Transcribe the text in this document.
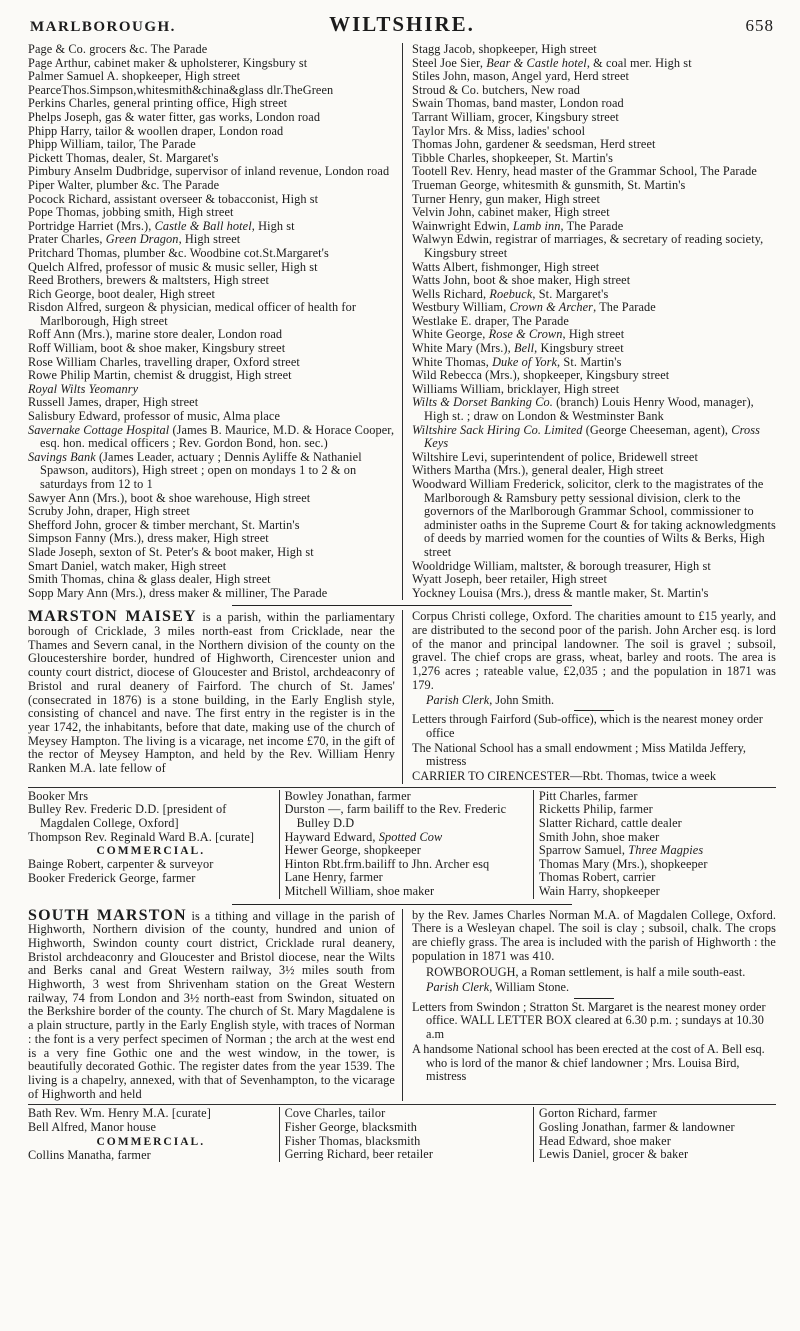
MARLBOROUGH.	WILTSHIRE.	658

Page & Co. grocers &c. The Parade

Page Arthur, cabinet maker & upholsterer, Kingsbury st

Palmer Samuel A. shopkeeper, High street

PearceThos.Simpson,whitesmith&china&glass dlr.TheGreen

Perkins Charles, general printing office, High street

Phelps Joseph, gas & water fitter, gas works, London road

Phipp Harry, tailor & woollen draper, London road

Phipp William, tailor, The Parade

Pickett Thomas, dealer, St. Margaret's

Pimbury Anselm Dudbridge, supervisor of inland revenue, London road

Piper Walter, plumber &c. The Parade

Pocock Richard, assistant overseer & tobacconist, High st

Pope Thomas, jobbing smith, High street

Portridge Harriet (Mrs.), Castle & Ball hotel, High st

Prater Charles, Green Dragon, High street

Pritchard Thomas, plumber &c. Woodbine cot.St.Margaret's

Quelch Alfred, professor of music & music seller, High st

Reed Brothers, brewers & maltsters, High street

Rich George, boot dealer, High street

Risdon Alfred, surgeon & physician, medical officer of health for Marlborough, High street

Roff Ann (Mrs.), marine store dealer, London road

Roff William, boot & shoe maker, Kingsbury street

Rose William Charles, travelling draper, Oxford street

Rowe Philip Martin, chemist & druggist, High street

Royal Wilts Yeomanry

Russell James, draper, High street

Salisbury Edward, professor of music, Alma place

Savernake Cottage Hospital (James B. Maurice, M.D. & Horace Cooper, esq. hon. medical officers ; Rev. Gordon Bond, hon. sec.)

Savings Bank (James Leader, actuary ; Dennis Ayliffe & Nathaniel Spawson, auditors), High street ; open on mondays 1 to 2 & on saturdays from 12 to 1

Sawyer Ann (Mrs.), boot & shoe warehouse, High street

Scruby John, draper, High street

Shefford John, grocer & timber merchant, St. Martin's

Simpson Fanny (Mrs.), dress maker, High street

Slade Joseph, sexton of St. Peter's & boot maker, High st

Smart Daniel, watch maker, High street

Smith Thomas, china & glass dealer, High street

Sopp Mary Ann (Mrs.), dress maker & milliner, The Parade

Stagg Jacob, shopkeeper, High street

Steel Joe Sier, Bear & Castle hotel, & coal mer. High st

Stiles John, mason, Angel yard, Herd street

Stroud & Co. butchers, New road

Swain Thomas, band master, London road

Tarrant William, grocer, Kingsbury street

Taylor Mrs. & Miss, ladies' school

Thomas John, gardener & seedsman, Herd street

Tibble Charles, shopkeeper, St. Martin's

Tootell Rev. Henry, head master of the Grammar School, The Parade

Trueman George, whitesmith & gunsmith, St. Martin's

Turner Henry, gun maker, High street

Velvin John, cabinet maker, High street

Wainwright Edwin, Lamb inn, The Parade

Walwyn Edwin, registrar of marriages, & secretary of reading society, Kingsbury street

Watts Albert, fishmonger, High street

Watts John, boot & shoe maker, High street

Wells Richard, Roebuck, St. Margaret's

Westbury William, Crown & Archer, The Parade

Westlake E. draper, The Parade

White George, Rose & Crown, High street

White Mary (Mrs.), Bell, Kingsbury street

White Thomas, Duke of York, St. Martin's

Wild Rebecca (Mrs.), shopkeeper, Kingsbury street

Williams William, bricklayer, High street

Wilts & Dorset Banking Co. (branch) Louis Henry Wood, manager), High st. ; draw on London & Westminster Bank

Wiltshire Sack Hiring Co. Limited (George Cheeseman, agent), Cross Keys

Wiltshire Levi, superintendent of police, Bridewell street

Withers Martha (Mrs.), general dealer, High street

Woodward William Frederick, solicitor, clerk to the magistrates of the Marlborough & Ramsbury petty sessional division, clerk to the governors of the Marlborough Grammar School, commissioner to administer oaths in the Supreme Court & for taking acknowledgments of deeds by married women for the counties of Wilts & Berks, High street

Wooldridge William, maltster, & borough treasurer, High st

Wyatt Joseph, beer retailer, High street

Yockney Louisa (Mrs.), dress & mantle maker, St. Martin's

MARSTON MAISEY is a parish, within the parliamentary borough of Cricklade, 3 miles north-east from Cricklade, near the Thames and Severn canal, in the Northern division of the county on the Gloucestershire border, hundred of Highworth, Cirencester union and county court district, diocese of Gloucester and Bristol, archdeaconry of Bristol and rural deanery of Fairford. The church of St. James' (consecrated in 1876) is a stone building, in the Early English style, consisting of chancel and nave. The first entry in the register is in the year 1742, the inhabitants, before that date, making use of the church of Meysey Hampton. The living is a vicarage, net income £70, in the gift of the rector of Meysey Hampton, and held by the Rev. William Henry Ranken M.A. late fellow of

Corpus Christi college, Oxford. The charities amount to £15 yearly, and are distributed to the second poor of the parish. John Archer esq. is lord of the manor and principal landowner. The soil is gravel ; subsoil, gravel. The chief crops are grass, wheat, barley and roots. The area is 1,276 acres ; rateable value, £2,035 ; and the population in 1871 was 179.

Parish Clerk, John Smith.

Letters through Fairford (Sub-office), which is the nearest money order office

The National School has a small endowment ; Miss Matilda Jeffery, mistress

CARRIER TO CIRENCESTER—Rbt. Thomas, twice a week

Booker Mrs

Bulley Rev. Frederic D.D. [president of Magdalen College, Oxford]

Thompson Rev. Reginald Ward B.A. [curate]

COMMERCIAL.

Bainge Robert, carpenter & surveyor

Booker Frederick George, farmer

Bowley Jonathan, farmer

Durston —, farm bailiff to the Rev. Frederic Bulley D.D

Hayward Edward, Spotted Cow

Hewer George, shopkeeper

Hinton Rbt.frm.bailiff to Jhn. Archer esq

Lane Henry, farmer

Mitchell William, shoe maker

Pitt Charles, farmer

Ricketts Philip, farmer

Slatter Richard, cattle dealer

Smith John, shoe maker

Sparrow Samuel, Three Magpies

Thomas Mary (Mrs.), shopkeeper

Thomas Robert, carrier

Wain Harry, shopkeeper

SOUTH MARSTON is a tithing and village in the parish of Highworth, Northern division of the county, hundred and union of Highworth, Swindon county court district, Cricklade rural deanery, Bristol archdeaconry and Gloucester and Bristol diocese, near the Wilts and Berks canal and Great Western railway, 3½ miles south from Highworth, 3 west from Shrivenham station on the Great Western railway, 74 from London and 3½ north-east from Swindon, situated on the Berkshire border of the county. The church of St. Mary Magdalene is a plain structure, partly in the Early English style, with traces of Norman : the font is a very perfect specimen of Norman ; the arch at the west end is a very fine Gothic one and the west window, in the tower, is beautifully decorated Gothic. The register dates from the year 1539. The living is a chapelry, annexed, with that of Sevenhampton, to the vicarage of Highworth and held

by the Rev. James Charles Norman M.A. of Magdalen College, Oxford. There is a Wesleyan chapel. The soil is clay ; subsoil, chalk. The crops are chiefly grass. The area is included with the parish of Highworth : the population in 1871 was 410.

ROWBOROUGH, a Roman settlement, is half a mile south-east.

Parish Clerk, William Stone.

Letters from Swindon ; Stratton St. Margaret is the nearest money order office. WALL LETTER BOX cleared at 6.30 p.m. ; sundays at 10.30 a.m

A handsome National school has been erected at the cost of A. Bell esq. who is lord of the manor & chief landowner ; Mrs. Louisa Bird, mistress

Bath Rev. Wm. Henry M.A. [curate]

Bell Alfred, Manor house

COMMERCIAL.

Collins Manatha, farmer

Cove Charles, tailor

Fisher George, blacksmith

Fisher Thomas, blacksmith

Gerring Richard, beer retailer

Gorton Richard, farmer

Gosling Jonathan, farmer & landowner

Head Edward, shoe maker

Lewis Daniel, grocer & baker
